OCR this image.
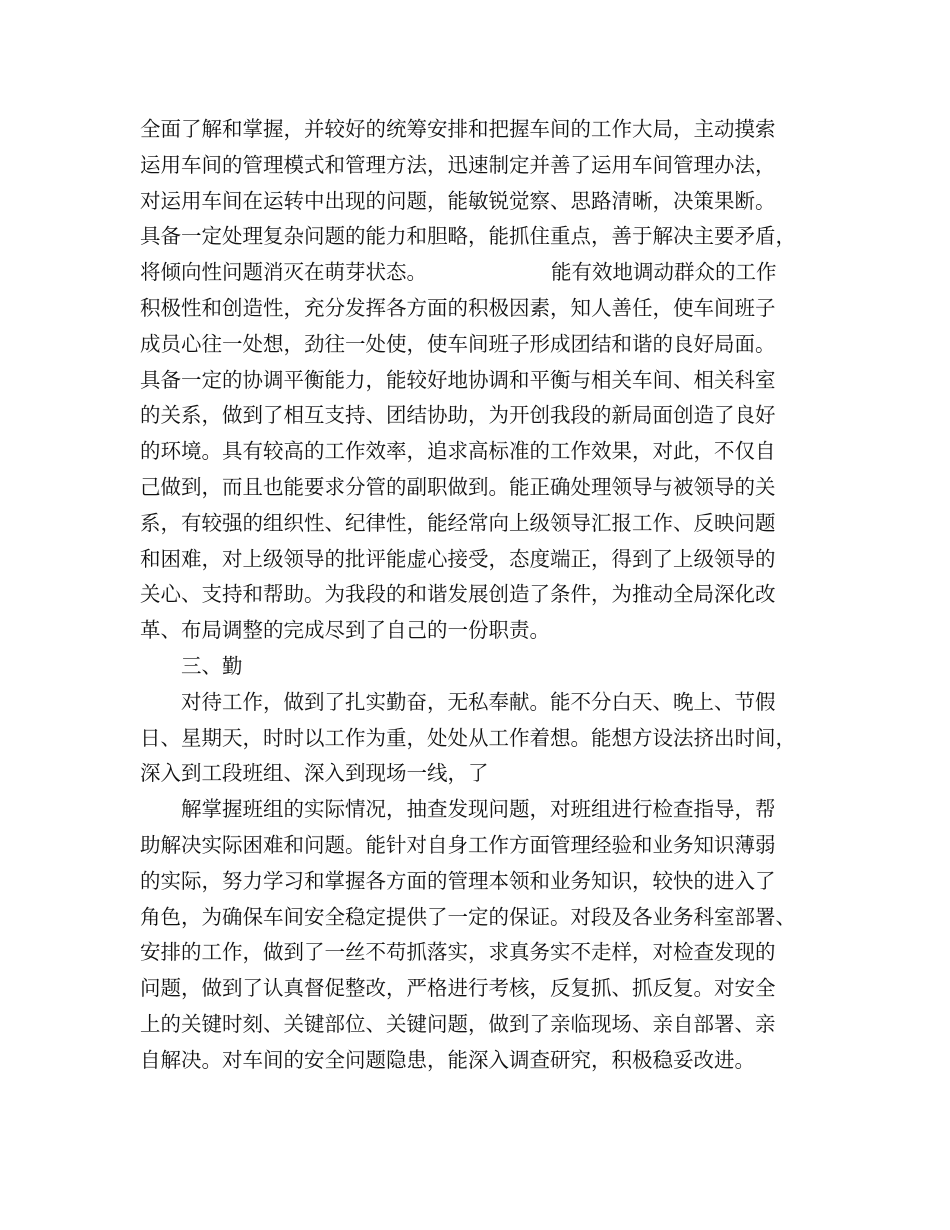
全面了解和掌握，并较好的统筹安排和把握车间的工作大局，主动摸索
运用车间的管理模式和管理方法，迅速制定并善了运用车间管理办法，
对运用车间在运转中出现的问题，能敏锐觉察、思路清晰，决策果断。
具备一定处理复杂问题的能力和胆略，能抓住重点，善于解决主要矛盾，
将倾向性问题消灭在萌芽状态。	能有效地调动群众的工作
积极性和创造性，充分发挥各方面的积极因素，知人善任，使车间班子
成员心往一处想，劲往一处使，使车间班子形成团结和谐的良好局面。
具备一定的协调平衡能力，能较好地协调和平衡与相关车间、相关科室
的关系，做到了相互支持、团结协助，为开创我段的新局面创造了良好
的环境。具有较高的工作效率，追求高标准的工作效果，对此，不仅自
己做到，而且也能要求分管的副职做到。能正确处理领导与被领导的关
系，有较强的组织性、纪律性，能经常向上级领导汇报工作、反映问题
和困难，对上级领导的批评能虚心接受，态度端正，得到了上级领导的
关心、支持和帮助。为我段的和谐发展创造了条件，为推动全局深化改
革、布局调整的完成尽到了自己的一份职责。
三、勤
对待工作，做到了扎实勤奋，无私奉献。能不分白天、晚上、节假
日、星期天，时时以工作为重，处处从工作着想。能想方设法挤出时间，
深入到工段班组、深入到现场一线，了
解掌握班组的实际情况，抽查发现问题，对班组进行检查指导，帮
助解决实际困难和问题。能针对自身工作方面管理经验和业务知识薄弱
的实际，努力学习和掌握各方面的管理本领和业务知识，较快的进入了
角色，为确保车间安全稳定提供了一定的保证。对段及各业务科室部署、
安排的工作，做到了一丝不苟抓落实，求真务实不走样，对检查发现的
问题，做到了认真督促整改，严格进行考核，反复抓、抓反复。对安全
上的关键时刻、关键部位、关键问题，做到了亲临现场、亲自部署、亲
自解决。对车间的安全问题隐患，能深入调查研究，积极稳妥改进。
